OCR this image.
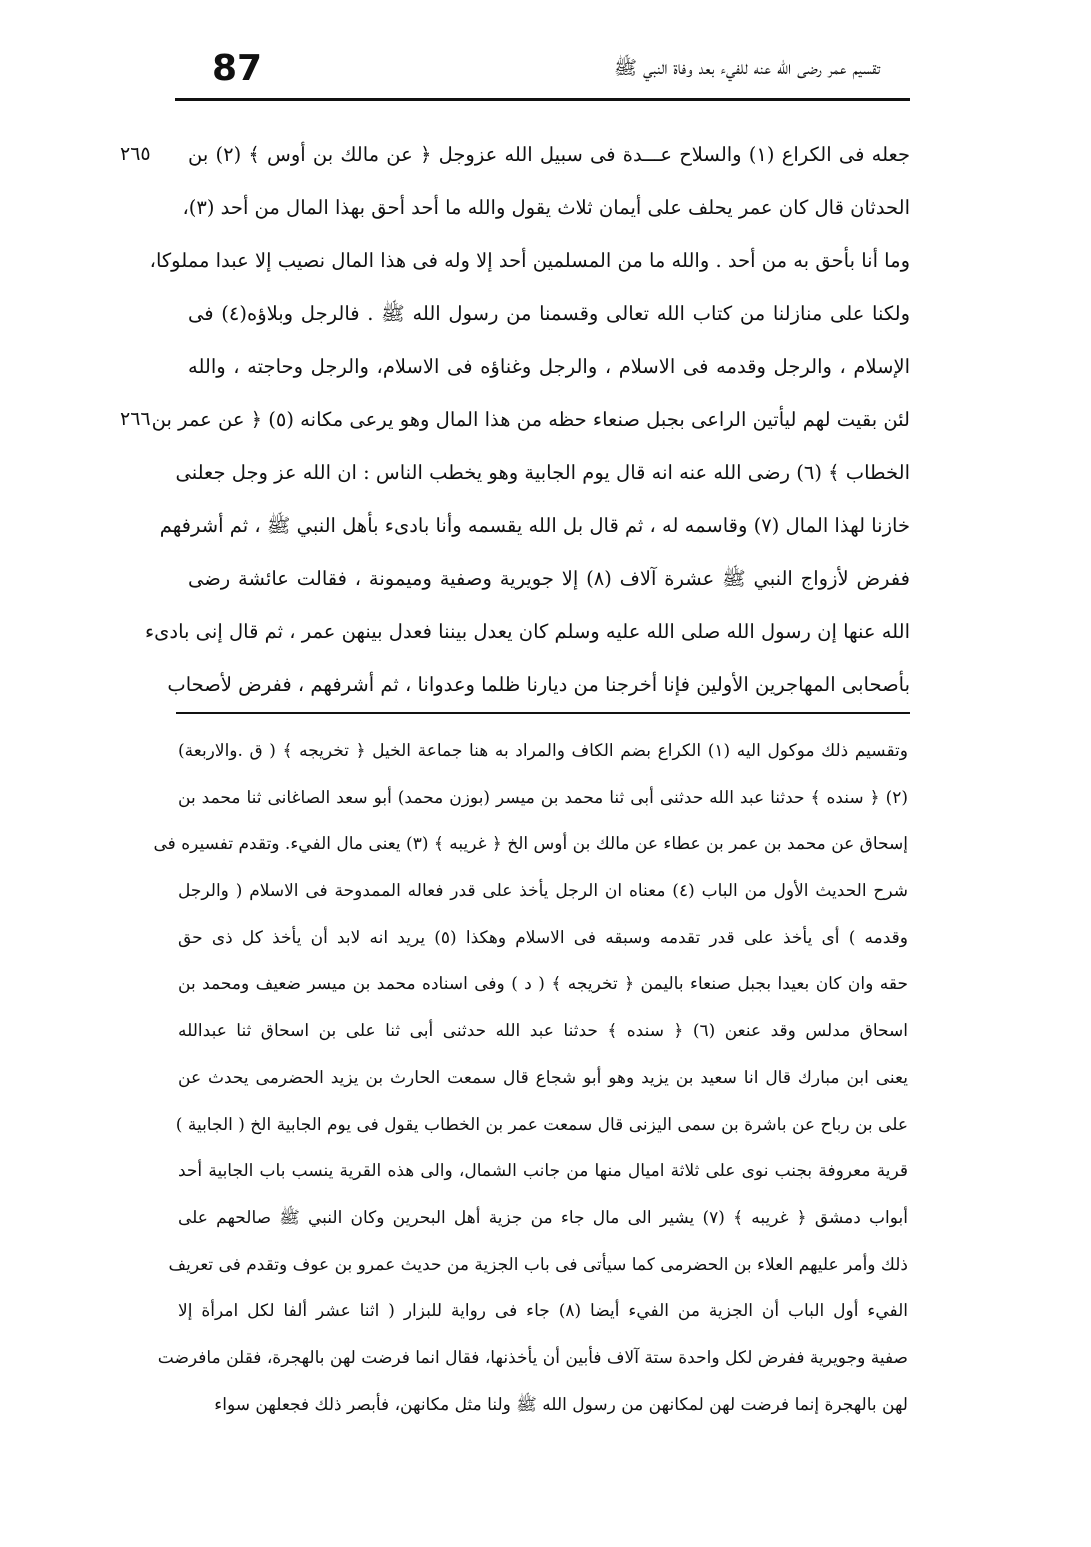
87	تقسيم عمر رضى الله عنه للفيء بعد وفاة النبي ﷺ
٢٦٥
٢٦٦
جعله فى الكراع (١) والسلاح عـــدة فى سبيل الله عزوجل ﴿ عن مالك بن أوس ﴾ (٢) بن
الحدثان قال كان عمر يحلف على أيمان ثلاث يقول والله ما أحد أحق بهذا المال من أحد (٣)،
وما أنا بأحق به من أحد . والله ما من المسلمين أحد إلا وله فى هذا المال نصيب إلا عبدا مملوكا،
ولكنا على منازلنا من كتاب الله تعالى وقسمنا من رسول الله ﷺ . فالرجل وبلاؤه(٤) فى
الإسلام ، والرجل وقدمه فى الاسلام ، والرجل وغناؤه فى الاسلام، والرجل وحاجته ، والله
لئن بقيت لهم ليأتين الراعى بجبل صنعاء حظه من هذا المال وهو يرعى مكانه (٥) ﴿ عن عمر بن
الخطاب ﴾ (٦) رضى الله عنه انه قال يوم الجابية وهو يخطب الناس : ان الله عز وجل جعلنى
خازنا لهذا المال (٧) وقاسمه له ، ثم قال بل الله يقسمه وأنا بادىء بأهل النبي ﷺ ، ثم أشرفهم
ففرض لأزواج النبي ﷺ عشرة آلاف (٨) إلا جويرية وصفية وميمونة ، فقالت عائشة رضى
الله عنها إن رسول الله صلى الله عليه وسلم كان يعدل بيننا فعدل بينهن عمر ، ثم قال إنى بادىء
بأصحابى المهاجرين الأولين فإنا أخرجنا من ديارنا ظلما وعدوانا ، ثم أشرفهم ، ففرض لأصحاب
وتقسيم ذلك موكول اليه (١) الكراع بضم الكاف والمراد به هنا جماعة الخيل ﴿ تخريجه ﴾ ( ق .والاربعة)
(٢) ﴿ سنده ﴾ حدثنا عبد الله حدثنى أبى ثنا محمد بن ميسر (بوزن محمد) أبو سعد الصاغانى ثنا محمد بن
إسحاق عن محمد بن عمر بن عطاء عن مالك بن أوس الخ ﴿ غريبه ﴾ (٣) يعنى مال الفيء. وتقدم تفسيره فى
شرح الحديث الأول من الباب (٤) معناه ان الرجل يأخذ على قدر فعاله الممدوحة فى الاسلام ( والرجل
وقدمه ) أى يأخذ على قدر تقدمه وسبقه فى الاسلام وهكذا (٥) يريد انه لابد أن يأخذ كل ذى حق
حقه وان كان بعيدا بجبل صنعاء باليمن ﴿ تخريجه ﴾ ( د ) وفى اسناده محمد بن ميسر ضعيف ومحمد بن
اسحاق مدلس وقد عنعن (٦) ﴿ سنده ﴾ حدثنا عبد الله حدثنى أبى ثنا على بن اسحاق ثنا عبدالله
يعنى ابن مبارك قال انا سعيد بن يزيد وهو أبو شجاع قال سمعت الحارث بن يزيد الحضرمى يحدث عن
على بن رباح عن باشرة بن سمى اليزنى قال سمعت عمر بن الخطاب يقول فى يوم الجابية الخ ( الجابية )
قرية معروفة بجنب نوى على ثلاثة اميال منها من جانب الشمال، والى هذه القرية ينسب باب الجابية أحد
أبواب دمشق ﴿ غريبه ﴾ (٧) يشير الى مال جاء من جزية أهل البحرين وكان النبي ﷺ صالحهم على
ذلك وأمر عليهم العلاء بن الحضرمى كما سيأتى فى باب الجزية من حديث عمرو بن عوف وتقدم فى تعريف
الفيء أول الباب أن الجزية من الفيء أيضا (٨) جاء فى رواية للبزار ( اثنا عشر ألفا لكل امرأة إلا
صفية وجويرية ففرض لكل واحدة ستة آلاف فأبين أن يأخذنها، فقال انما فرضت لهن بالهجرة، فقلن مافرضت
لهن بالهجرة إنما فرضت لهن لمكانهن من رسول الله ﷺ ولنا مثل مكانهن، فأبصر ذلك فجعلهن سواء
